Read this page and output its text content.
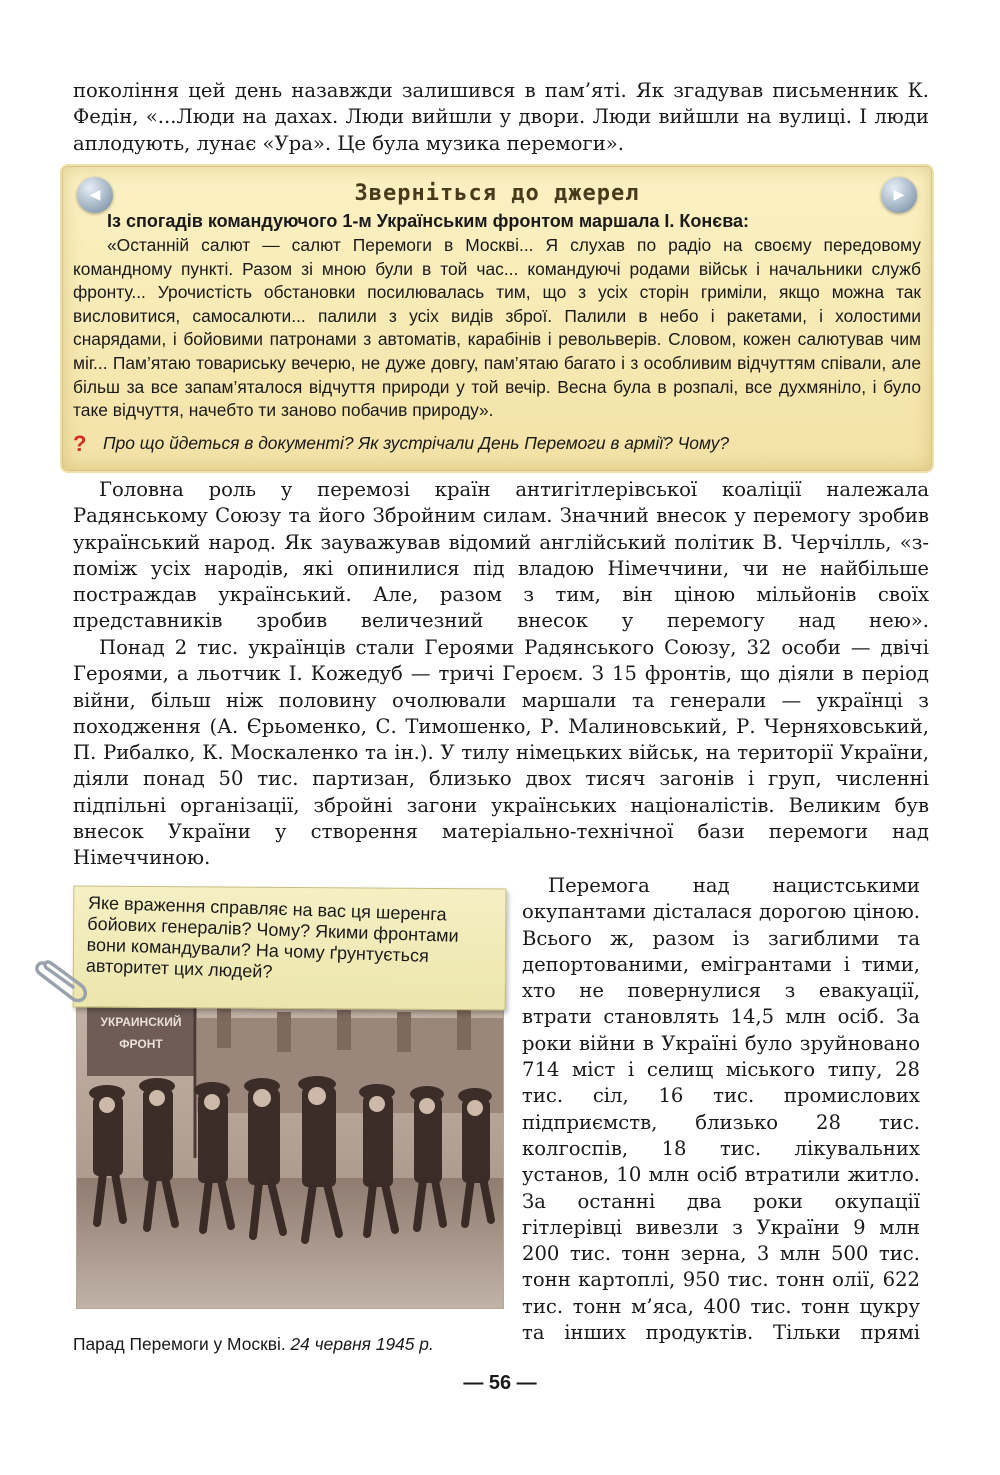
покоління цей день назавжди залишився в пам’яті. Як згадував письменник К. Федін, «...Люди на дахах. Люди вийшли у двори. Люди вийшли на вулиці. І люди аплодують, лунає «Ура». Це була музика перемоги».

◀	▶
Зверніться до джерел
Із спогадів командуючого 1-м Українським фронтом маршала І. Конєва:

«Останній салют — салют Перемоги в Москві... Я слухав по радіо на своєму передовому командному пункті. Разом зі мною були в той час... командуючі родами військ і начальники служб фронту... Урочистість обстановки посилювалась тим, що з усіх сторін гриміли, якщо можна так висловитися, самосалюти... палили з усіх видів зброї. Палили в небо і ракетами, і холостими снарядами, і бойовими патронами з автоматів, карабінів і револьверів. Словом, кожен салютував чим міг... Пам’ятаю товариську вечерю, не дуже довгу, пам’ятаю багато і з особливим відчуттям співали, але більш за все запам’яталося відчуття природи у той вечір. Весна була в розпалі, все духмяніло, і було таке відчуття, начебто ти заново побачив природу».

? Про що йдеться в документі? Як зустрічали День Перемоги в армії? Чому?

Головна роль у перемозі країн антигітлерівської коаліції належала Радянському Союзу та його Збройним силам. Значний внесок у перемогу зробив український народ. Як зауважував відомий англійський політик В. Черчілль, «з-поміж усіх народів, які опинилися під владою Німеччини, чи не найбільше постраждав український. Але, разом з тим, він ціною мільйонів своїх представників зробив величезний внесок у перемогу над нею».

Понад 2 тис. українців стали Героями Радянського Союзу, 32 особи — двічі Героями, а льотчик І. Кожедуб — тричі Героєм. З 15 фронтів, що діяли в період війни, більш ніж половину очолювали маршали та генерали — українці з походження (А. Єрьоменко, С. Тимошенко, Р. Малиновський, Р. Черняховський, П. Рибалко, К. Москаленко та ін.). У тилу німецьких військ, на території України, діяли понад 50 тис. партизан, близько двох тисяч загонів і груп, численні підпільні організації, збройні загони українських націоналістів. Великим був внесок України у створення матеріально-технічної бази перемоги над Німеччиною.

УКРАИНСКИЙ
ФРОНТ
Яке враження справляє на вас ця шеренга бойових генералів? Чому? Якими фронтами вони командували? На чому ґрунтується авторитет цих людей?

Перемога над нацистськими окупантами дісталася дорогою ціною. Всього ж, разом із загиблими та депортованими, емігрантами і тими, хто не повернулися з евакуації, втрати становлять 14,5 млн осіб. За роки війни в Україні було зруйновано 714 міст і селищ міського типу, 28 тис. сіл, 16 тис. промислових підприємств, близько 28 тис. колгоспів, 18 тис. лікувальних установ, 10 млн осіб втратили житло. За останні два роки окупації гітлерівці вивезли з України 9 млн 200 тис. тонн зерна, 3 млн 500 тис. тонн картоплі, 950 тис. тонн олії, 622 тис. тонн м’яса, 400 тис. тонн цукру та інших продуктів. Тільки прямі

Парад Перемоги у Москві. 24 червня 1945 р.
— 56 —
